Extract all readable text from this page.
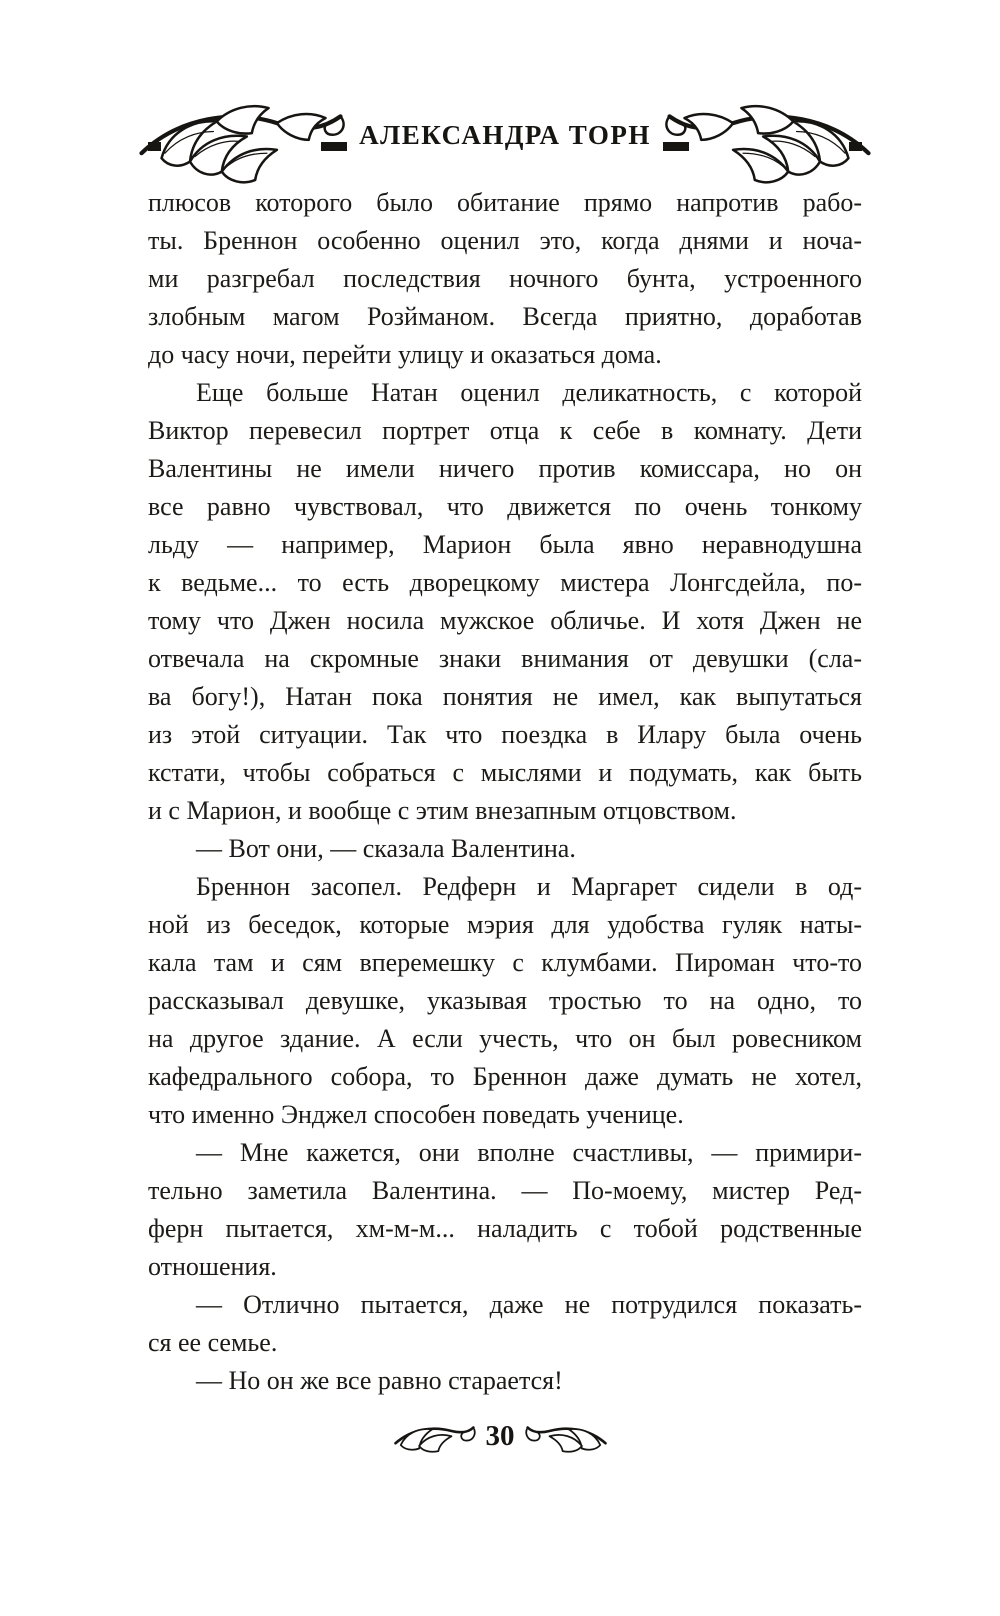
АЛЕКСАНДРА ТОРН
плюсов которого было обитание прямо напротив рабо-
ты. Бреннон особенно оценил это, когда днями и ноча-
ми разгребал последствия ночного бунта, устроенного
злобным магом Розйманом. Всегда приятно, доработав
до часу ночи, перейти улицу и оказаться дома.
Еще больше Натан оценил деликатность, с которой
Виктор перевесил портрет отца к себе в комнату. Дети
Валентины не имели ничего против комиссара, но он
все равно чувствовал, что движется по очень тонкому
льду — например, Марион была явно неравнодушна
к ведьме... то есть дворецкому мистера Лонгсдейла, по-
тому что Джен носила мужское обличье. И хотя Джен не
отвечала на скромные знаки внимания от девушки (сла-
ва богу!), Натан пока понятия не имел, как выпутаться
из этой ситуации. Так что поездка в Илару была очень
кстати, чтобы собраться с мыслями и подумать, как быть
и с Марион, и вообще с этим внезапным отцовством.
— Вот они, — сказала Валентина.
Бреннон засопел. Редферн и Маргарет сидели в од-
ной из беседок, которые мэрия для удобства гуляк наты-
кала там и сям вперемешку с клумбами. Пироман что-то
рассказывал девушке, указывая тростью то на одно, то
на другое здание. А если учесть, что он был ровесником
кафедрального собора, то Бреннон даже думать не хотел,
что именно Энджел способен поведать ученице.
— Мне кажется, они вполне счастливы, — примири-
тельно заметила Валентина. — По-моему, мистер Ред-
ферн пытается, хм-м-м... наладить с тобой родственные
отношения.
— Отлично пытается, даже не потрудился показать-
ся ее семье.
— Но он же все равно старается!
30
